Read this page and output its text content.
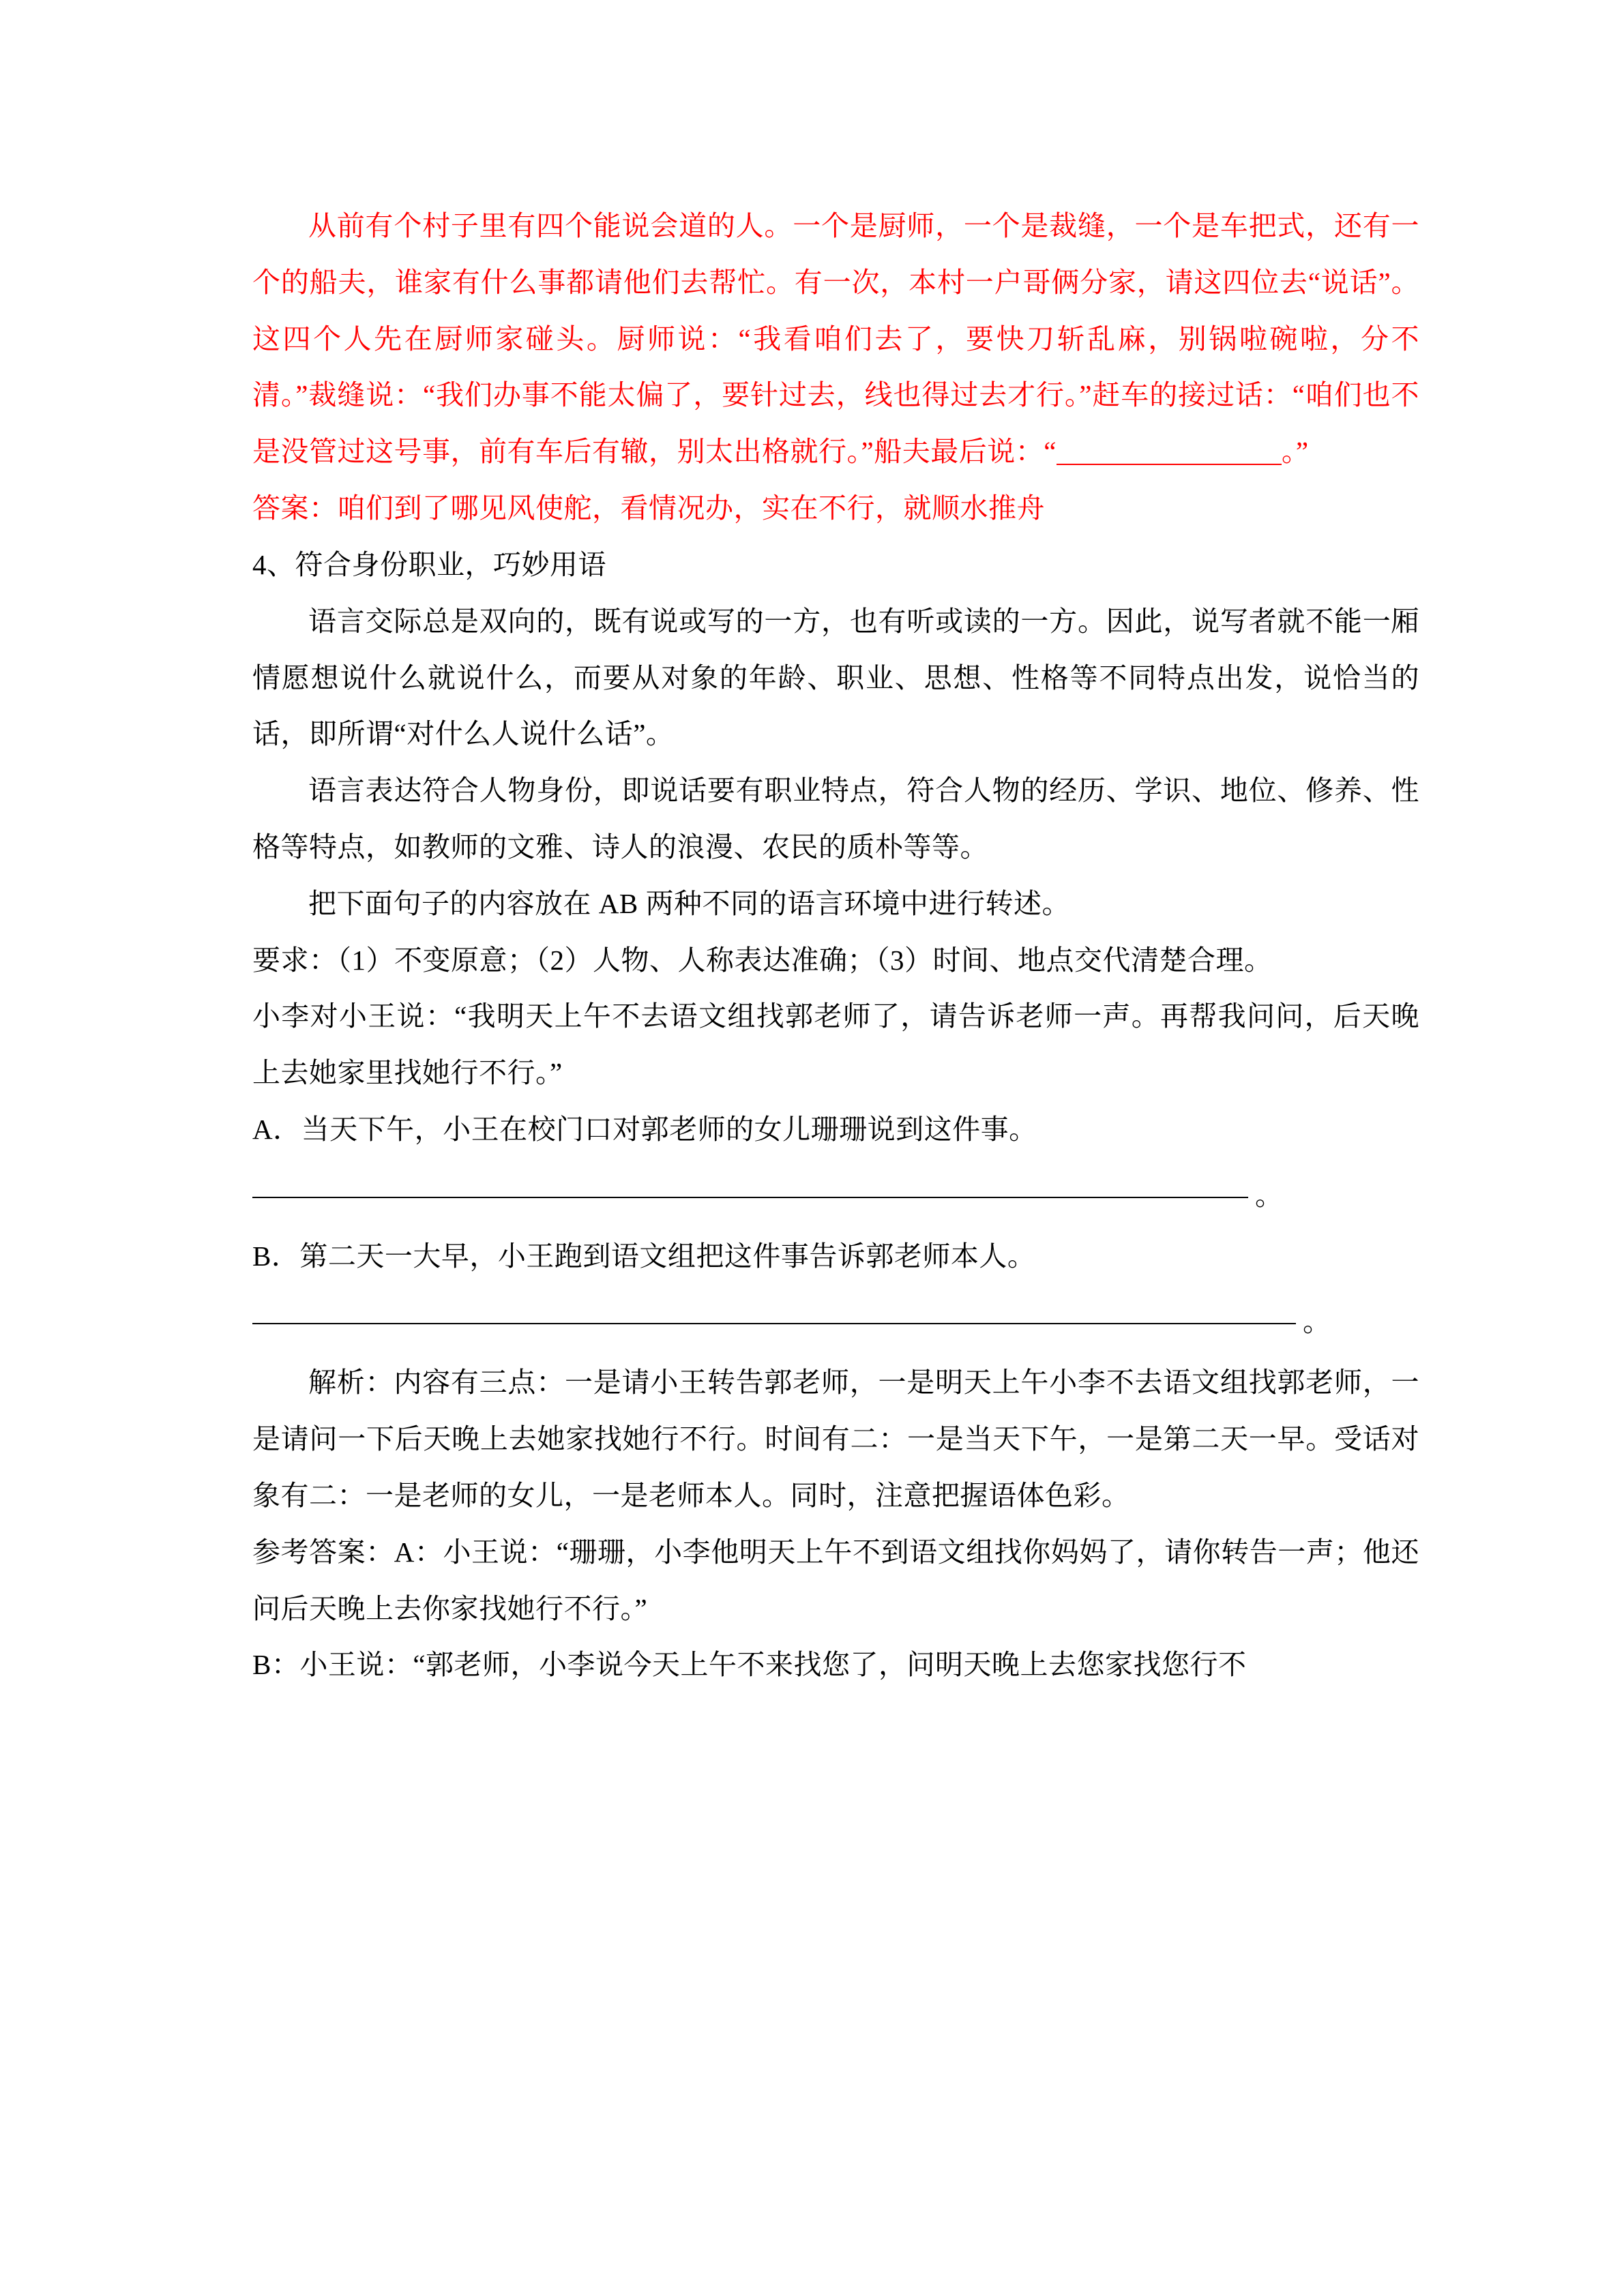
从前有个村子里有四个能说会道的人。一个是厨师，一个是裁缝，一个是车把式，还有一个的船夫，谁家有什么事都请他们去帮忙。有一次，本村一户哥俩分家，请这四位去“说话”。这四个人先在厨师家碰头。厨师说：“我看咱们去了，要快刀斩乱麻，别锅啦碗啦，分不清。”裁缝说：“我们办事不能太偏了，要针过去，线也得过去才行。”赶车的接过话：“咱们也不是没管过这号事，前有车后有辙，别太出格就行。”船夫最后说：“	。”

答案：咱们到了哪见风使舵，看情况办，实在不行，就顺水推舟

4、符合身份职业，巧妙用语

语言交际总是双向的，既有说或写的一方，也有听或读的一方。因此，说写者就不能一厢情愿想说什么就说什么，而要从对象的年龄、职业、思想、性格等不同特点出发，说恰当的话，即所谓“对什么人说什么话”。

语言表达符合人物身份，即说话要有职业特点，符合人物的经历、学识、地位、修养、性格等特点，如教师的文雅、诗人的浪漫、农民的质朴等等。

把下面句子的内容放在 AB 两种不同的语言环境中进行转述。

要求：（1）不变原意；（2）人物、人称表达准确；（3）时间、地点交代清楚合理。

小李对小王说：“我明天上午不去语文组找郭老师了，请告诉老师一声。再帮我问问，后天晚上去她家里找她行不行。”

A．当天下午，小王在校门口对郭老师的女儿珊珊说到这件事。

。

B．第二天一大早，小王跑到语文组把这件事告诉郭老师本人。

。

解析：内容有三点：一是请小王转告郭老师，一是明天上午小李不去语文组找郭老师，一是请问一下后天晚上去她家找她行不行。时间有二：一是当天下午，一是第二天一早。受话对象有二：一是老师的女儿，一是老师本人。同时，注意把握语体色彩。

参考答案：A：小王说：“珊珊，小李他明天上午不到语文组找你妈妈了，请你转告一声；他还问后天晚上去你家找她行不行。”

B：小王说：“郭老师，小李说今天上午不来找您了，问明天晚上去您家找您行不
